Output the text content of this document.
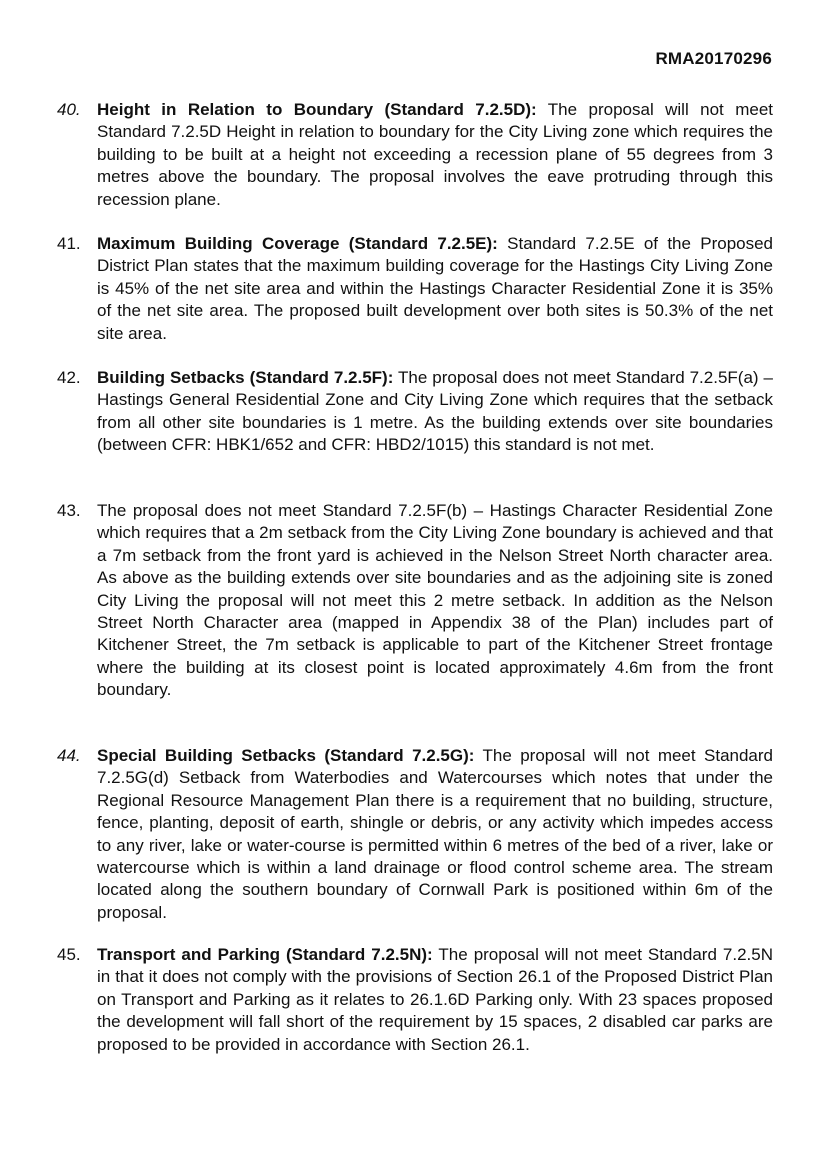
RMA20170296
40. Height in Relation to Boundary (Standard 7.2.5D): The proposal will not meet Standard 7.2.5D Height in relation to boundary for the City Living zone which requires the building to be built at a height not exceeding a recession plane of 55 degrees from 3 metres above the boundary. The proposal involves the eave protruding through this recession plane.
41. Maximum Building Coverage (Standard 7.2.5E): Standard 7.2.5E of the Proposed District Plan states that the maximum building coverage for the Hastings City Living Zone is 45% of the net site area and within the Hastings Character Residential Zone it is 35% of the net site area. The proposed built development over both sites is 50.3% of the net site area.
42. Building Setbacks (Standard 7.2.5F): The proposal does not meet Standard 7.2.5F(a) – Hastings General Residential Zone and City Living Zone which requires that the setback from all other site boundaries is 1 metre. As the building extends over site boundaries (between CFR: HBK1/652 and CFR: HBD2/1015) this standard is not met.
43. The proposal does not meet Standard 7.2.5F(b) – Hastings Character Residential Zone which requires that a 2m setback from the City Living Zone boundary is achieved and that a 7m setback from the front yard is achieved in the Nelson Street North character area. As above as the building extends over site boundaries and as the adjoining site is zoned City Living the proposal will not meet this 2 metre setback. In addition as the Nelson Street North Character area (mapped in Appendix 38 of the Plan) includes part of Kitchener Street, the 7m setback is applicable to part of the Kitchener Street frontage where the building at its closest point is located approximately 4.6m from the front boundary.
44. Special Building Setbacks (Standard 7.2.5G): The proposal will not meet Standard 7.2.5G(d) Setback from Waterbodies and Watercourses which notes that under the Regional Resource Management Plan there is a requirement that no building, structure, fence, planting, deposit of earth, shingle or debris, or any activity which impedes access to any river, lake or water-course is permitted within 6 metres of the bed of a river, lake or watercourse which is within a land drainage or flood control scheme area. The stream located along the southern boundary of Cornwall Park is positioned within 6m of the proposal.
45. Transport and Parking (Standard 7.2.5N): The proposal will not meet Standard 7.2.5N in that it does not comply with the provisions of Section 26.1 of the Proposed District Plan on Transport and Parking as it relates to 26.1.6D Parking only. With 23 spaces proposed the development will fall short of the requirement by 15 spaces, 2 disabled car parks are proposed to be provided in accordance with Section 26.1.
